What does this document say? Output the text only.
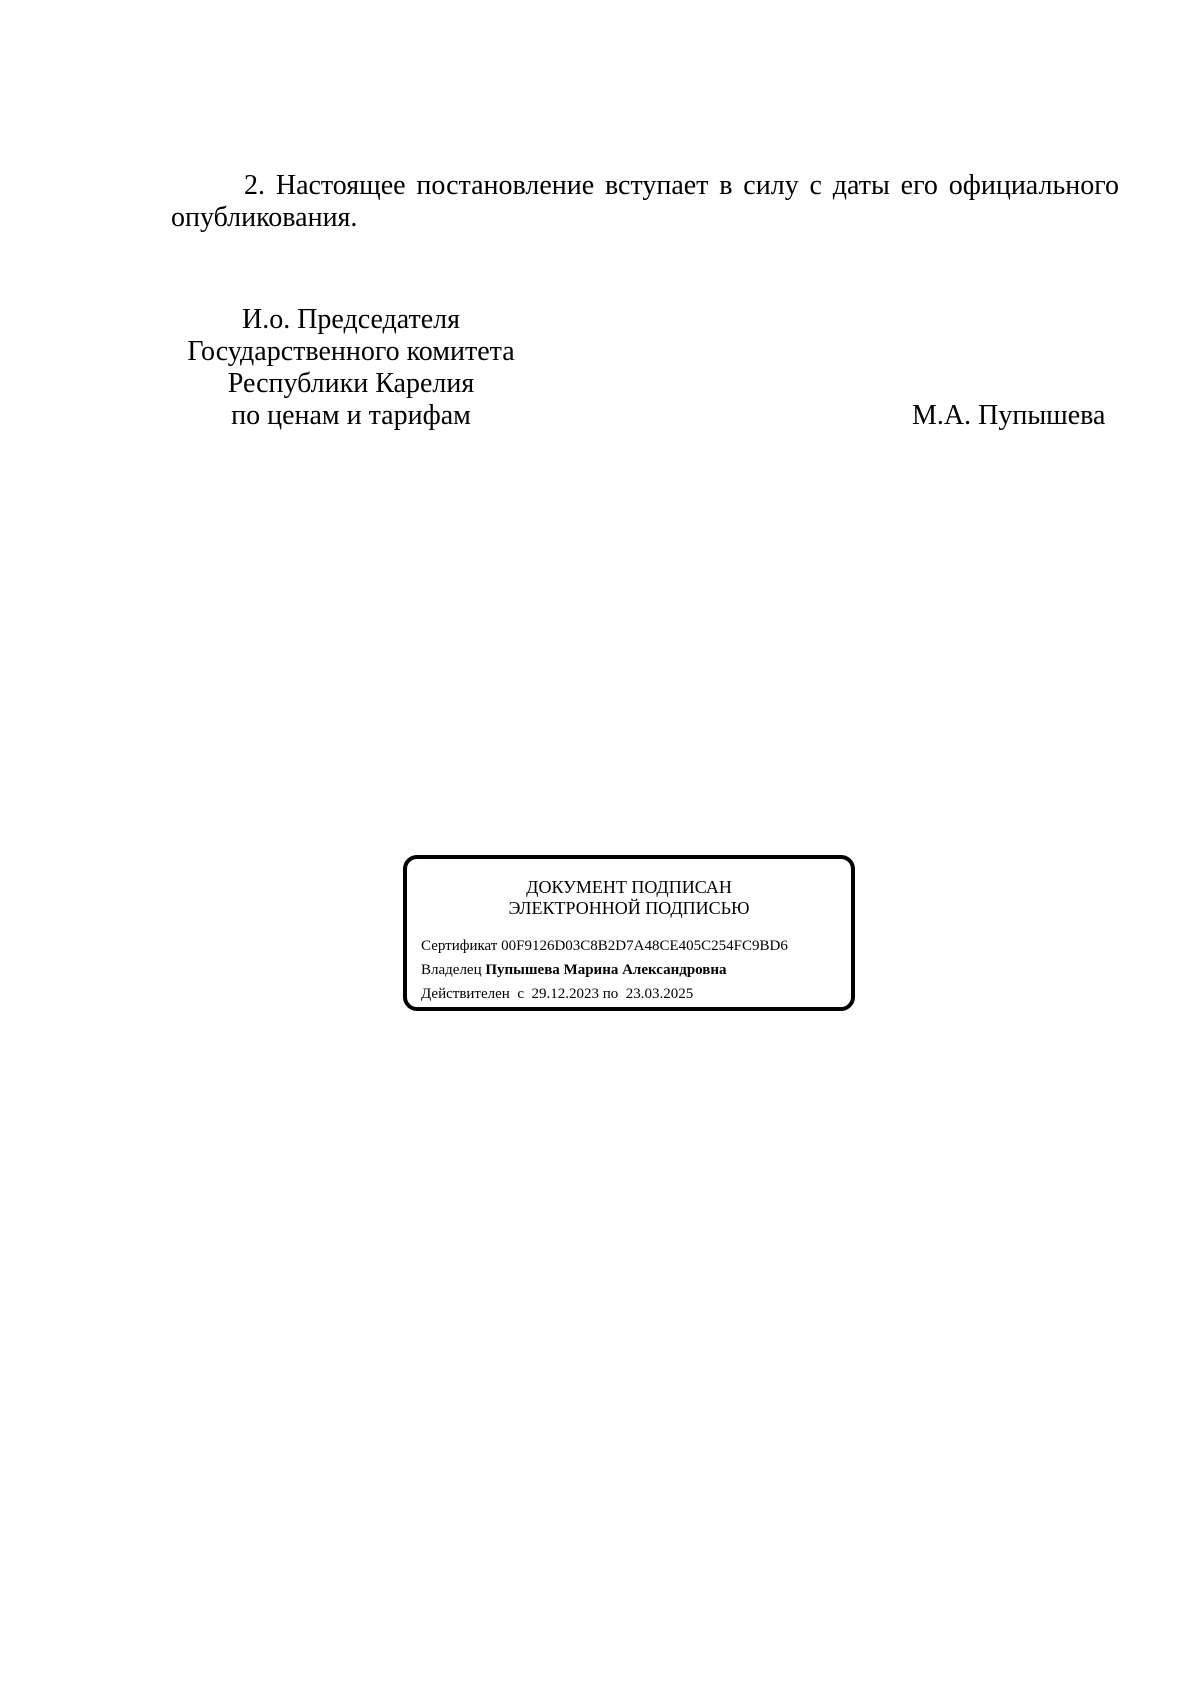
2. Настоящее постановление вступает в силу с даты его официального опубликования.

И.о. Председателя
Государственного комитета
Республики Карелия
по ценам и тарифам	М.А. Пупышева
ДОКУМЕНТ ПОДПИСАН
ЭЛЕКТРОННОЙ ПОДПИСЬЮ
Сертификат 00F9126D03C8B2D7A48CE405C254FC9BD6
Владелец Пупышева Марина Александровна
Действителен с 29.12.2023 по 23.03.2025
